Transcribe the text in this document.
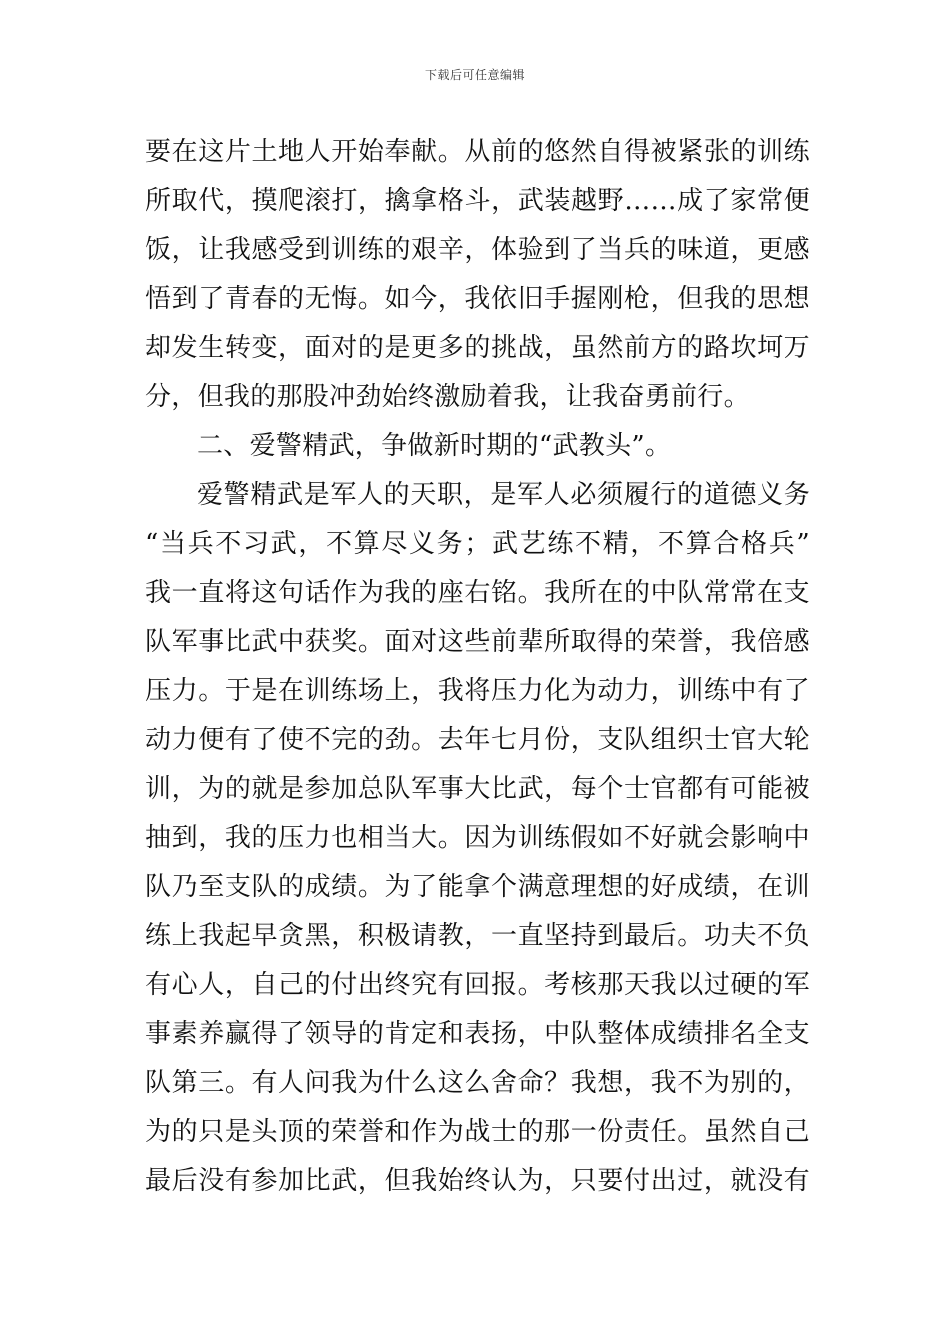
下载后可任意编辑
要在这片土地人开始奉献。从前的悠然自得被紧张的训练
所取代，摸爬滚打，擒拿格斗，武装越野……成了家常便
饭，让我感受到训练的艰辛，体验到了当兵的味道，更感
悟到了青春的无悔。如今，我依旧手握刚枪，但我的思想
却发生转变，面对的是更多的挑战，虽然前方的路坎坷万
分，但我的那股冲劲始终激励着我，让我奋勇前行。
二、爱警精武，争做新时期的“武教头”。
爱警精武是军人的天职，是军人必须履行的道德义务
“当兵不习武，不算尽义务；武艺练不精，不算合格兵”
我一直将这句话作为我的座右铭。我所在的中队常常在支
队军事比武中获奖。面对这些前辈所取得的荣誉，我倍感
压力。于是在训练场上，我将压力化为动力，训练中有了
动力便有了使不完的劲。去年七月份，支队组织士官大轮
训，为的就是参加总队军事大比武，每个士官都有可能被
抽到，我的压力也相当大。因为训练假如不好就会影响中
队乃至支队的成绩。为了能拿个满意理想的好成绩，在训
练上我起早贪黑，积极请教，一直坚持到最后。功夫不负
有心人，自己的付出终究有回报。考核那天我以过硬的军
事素养赢得了领导的肯定和表扬，中队整体成绩排名全支
队第三。有人问我为什么这么舍命？我想，我不为别的，
为的只是头顶的荣誉和作为战士的那一份责任。虽然自己
最后没有参加比武，但我始终认为，只要付出过，就没有
